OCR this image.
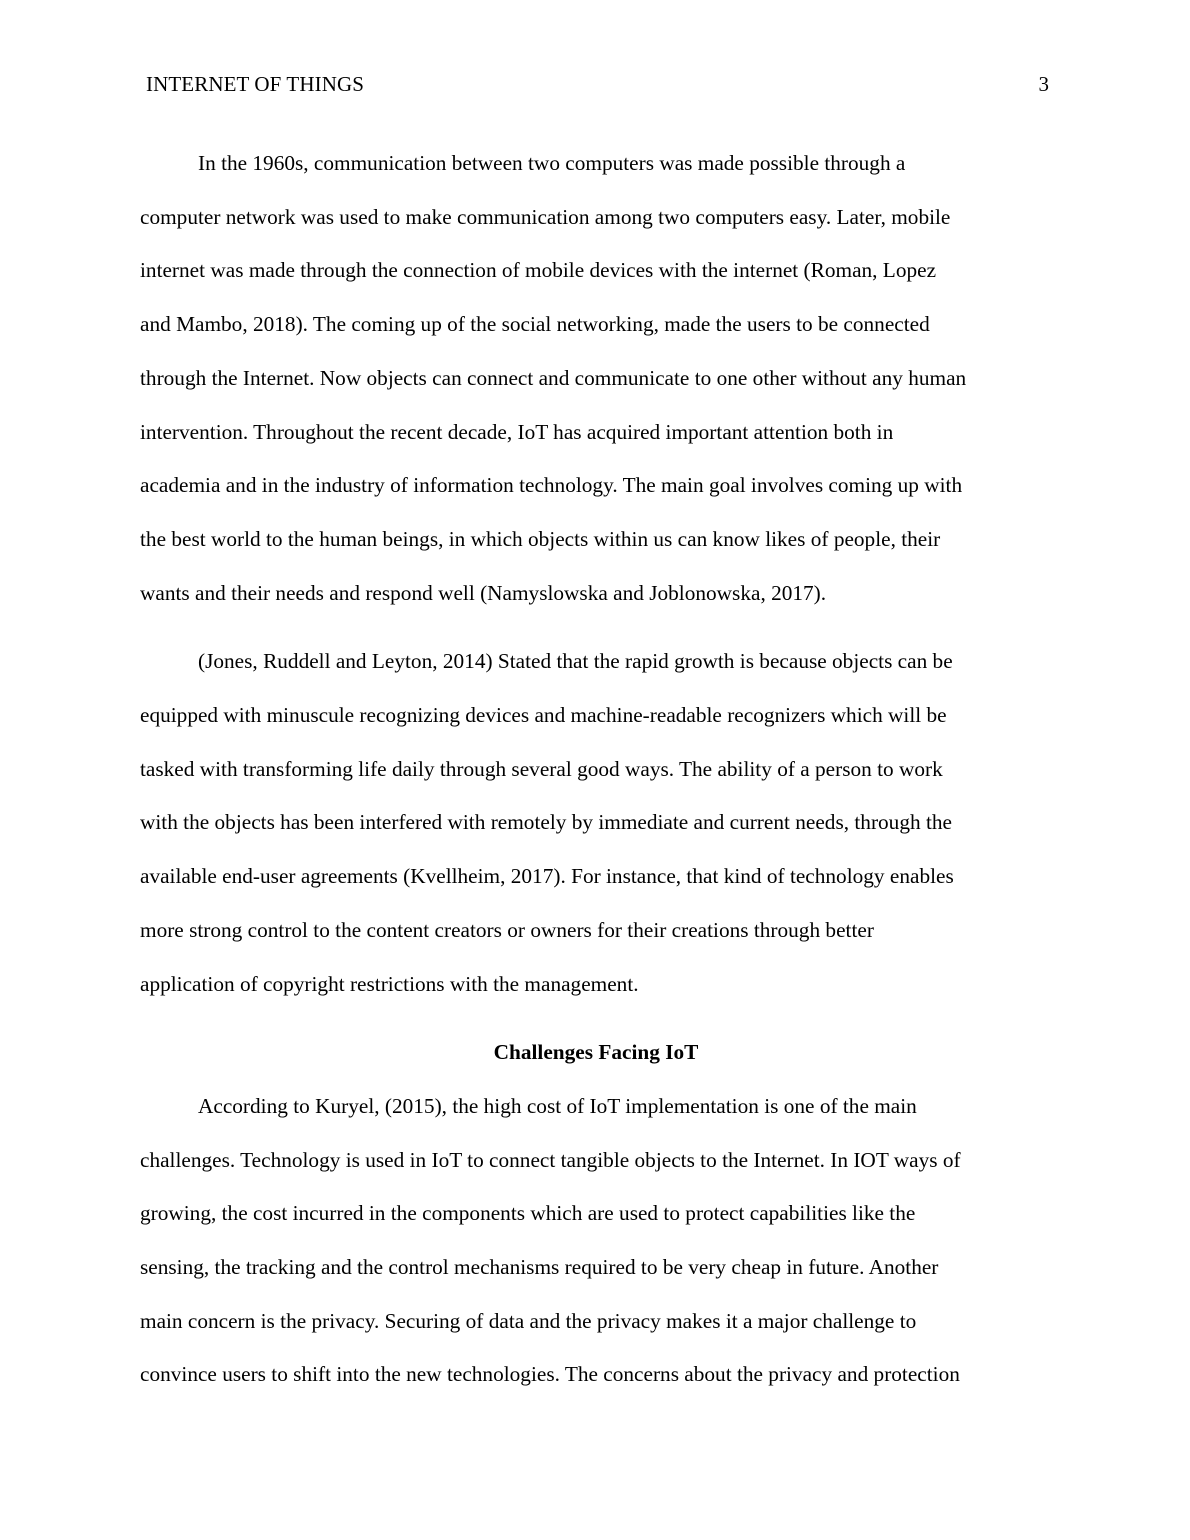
INTERNET OF THINGS	3

In the 1960s, communication between two computers was made possible through a
computer network was used to make communication among two computers easy. Later, mobile
internet was made through the connection of mobile devices with the internet (Roman, Lopez
and Mambo, 2018). The coming up of the social networking, made the users to be connected
through the Internet. Now objects can connect and communicate to one other without any human
intervention. Throughout the recent decade, IoT has acquired important attention both in
academia and in the industry of information technology. The main goal involves coming up with
the best world to the human beings, in which objects within us can know likes of people, their
wants and their needs and respond well (Namyslowska and Joblonowska, 2017).

(Jones, Ruddell and Leyton, 2014) Stated that the rapid growth is because objects can be
equipped with minuscule recognizing devices and machine-readable recognizers which will be
tasked with transforming life daily through several good ways. The ability of a person to work
with the objects has been interfered with remotely by immediate and current needs, through the
available end-user agreements (Kvellheim, 2017). For instance, that kind of technology enables
more strong control to the content creators or owners for their creations through better
application of copyright restrictions with the management.

Challenges Facing IoT

According to Kuryel, (2015), the high cost of IoT implementation is one of the main
challenges. Technology is used in IoT to connect tangible objects to the Internet. In IOT ways of
growing, the cost incurred in the components which are used to protect capabilities like the
sensing, the tracking and the control mechanisms required to be very cheap in future. Another
main concern is the privacy. Securing of data and the privacy makes it a major challenge to
convince users to shift into the new technologies. The concerns about the privacy and protection
